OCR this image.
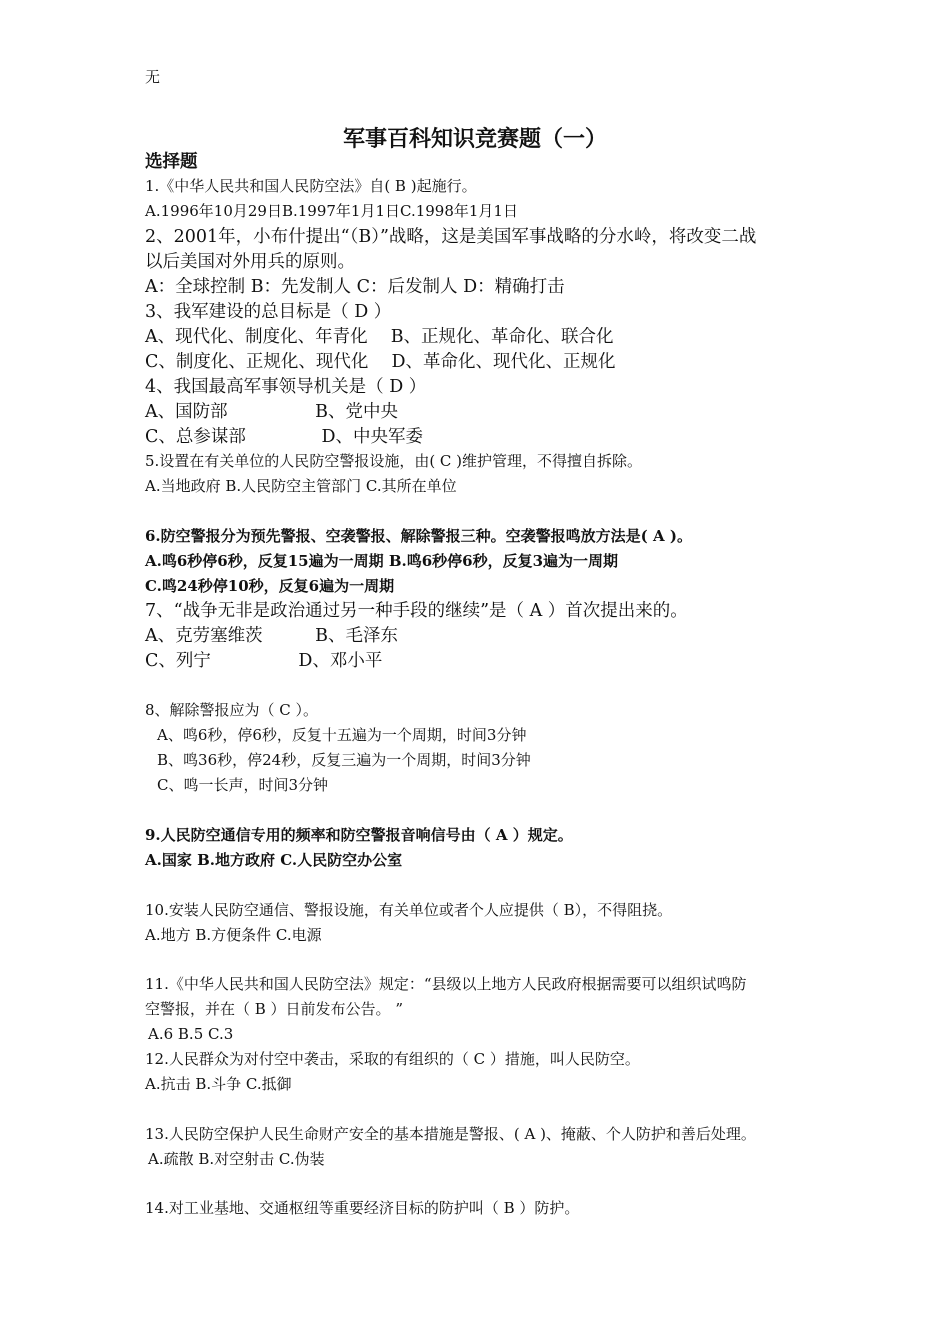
无
军事百科知识竞赛题（一）
选择题
1.《中华人民共和国人民防空法》自( B )起施行。
A.1996年10月29日B.1997年1月1日C.1998年1月1日
2、2001年，小布什提出“（B）”战略，这是美国军事战略的分水岭，将改变二战
以后美国对外用兵的原则。
A：全球控制 B：先发制人 C：后发制人 D：精确打击
3、我军建设的总目标是（ D ）
A、现代化、制度化、年青化　 B、正规化、革命化、联合化
C、制度化、正规化、现代化　 D、革命化、现代化、正规化
4、我国最高军事领导机关是（ D ）
A、国防部　　　　　B、党中央
C、总参谋部　　　　 D、中央军委
5.设置在有关单位的人民防空警报设施，由( C )维护管理，不得擅自拆除。
A.当地政府 B.人民防空主管部门 C.其所在单位
6.防空警报分为预先警报、空袭警报、解除警报三种。空袭警报鸣放方法是( A )。
A.鸣6秒停6秒，反复15遍为一周期 B.鸣6秒停6秒，反复3遍为一周期
C.鸣24秒停10秒，反复6遍为一周期
7、“战争无非是政治通过另一种手段的继续”是（ A ）首次提出来的。
A、克劳塞维茨　　　B、毛泽东
C、列宁　　　　　D、邓小平
8、解除警报应为（ C ）。
A、鸣6秒，停6秒，反复十五遍为一个周期，时间3分钟
B、鸣36秒，停24秒，反复三遍为一个周期，时间3分钟
C、鸣一长声，时间3分钟
9.人民防空通信专用的频率和防空警报音响信号由（ A ）规定。
A.国家 B.地方政府 C.人民防空办公室
10.安装人民防空通信、警报设施，有关单位或者个人应提供（ B），不得阻挠。
A.地方 B.方便条件 C.电源
11.《中华人民共和国人民防空法》规定：“县级以上地方人民政府根据需要可以组织试鸣防
空警报，并在（ B ）日前发布公告。 ”
A.6 B.5 C.3
12.人民群众为对付空中袭击，采取的有组织的（ C ）措施，叫人民防空。
A.抗击 B.斗争 C.抵御
13.人民防空保护人民生命财产安全的基本措施是警报、( A )、掩蔽、个人防护和善后处理。
A.疏散 B.对空射击 C.伪装
14.对工业基地、交通枢纽等重要经济目标的防护叫（ B ）防护。
